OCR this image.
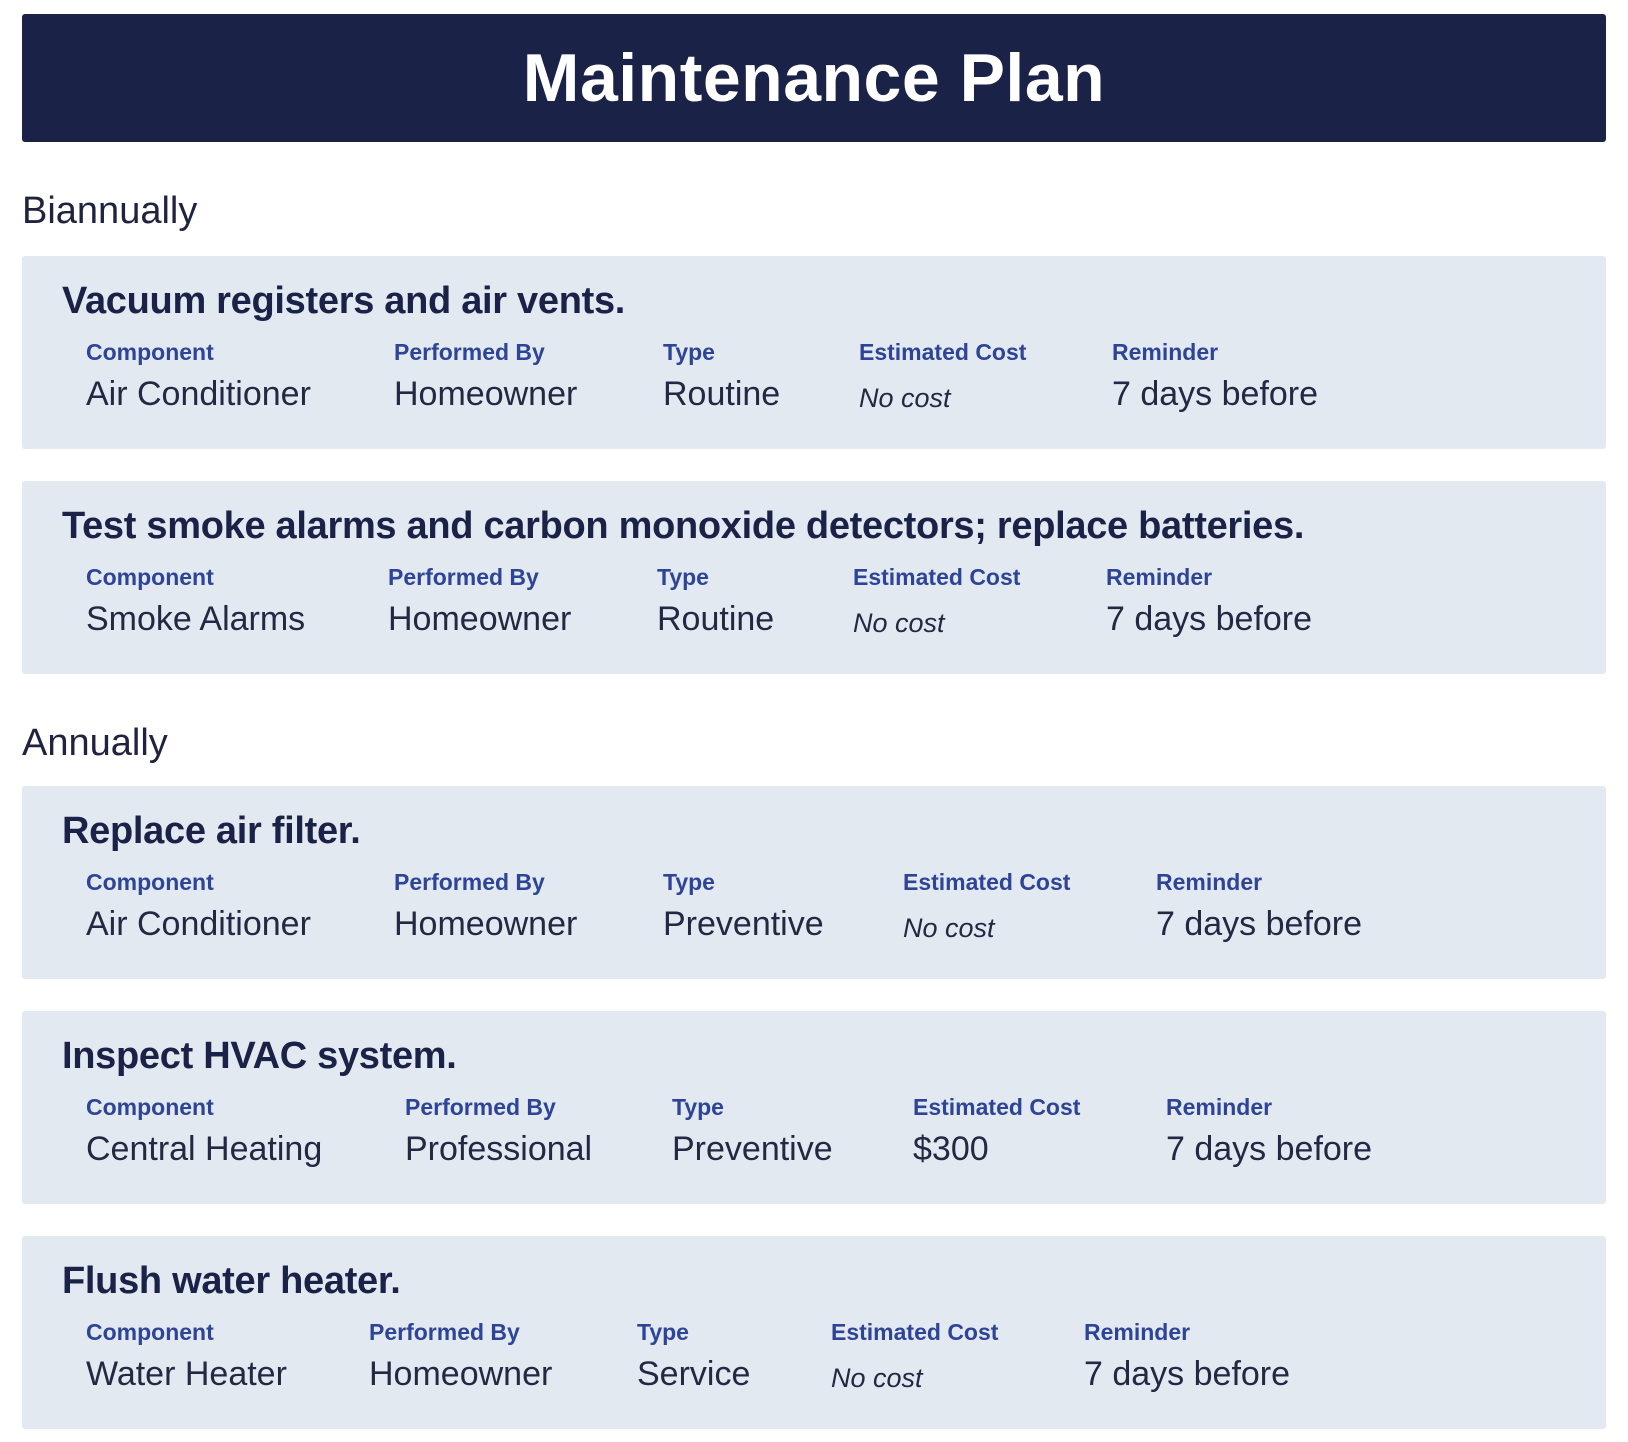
Maintenance Plan
Biannually
Vacuum registers and air vents.
Component
Air Conditioner
Performed By
Homeowner
Type
Routine
Estimated Cost
No cost
Reminder
7 days before
Test smoke alarms and carbon monoxide detectors; replace batteries.
Component
Smoke Alarms
Performed By
Homeowner
Type
Routine
Estimated Cost
No cost
Reminder
7 days before
Annually
Replace air filter.
Component
Air Conditioner
Performed By
Homeowner
Type
Preventive
Estimated Cost
No cost
Reminder
7 days before
Inspect HVAC system.
Component
Central Heating
Performed By
Professional
Type
Preventive
Estimated Cost
$300
Reminder
7 days before
Flush water heater.
Component
Water Heater
Performed By
Homeowner
Type
Service
Estimated Cost
No cost
Reminder
7 days before
